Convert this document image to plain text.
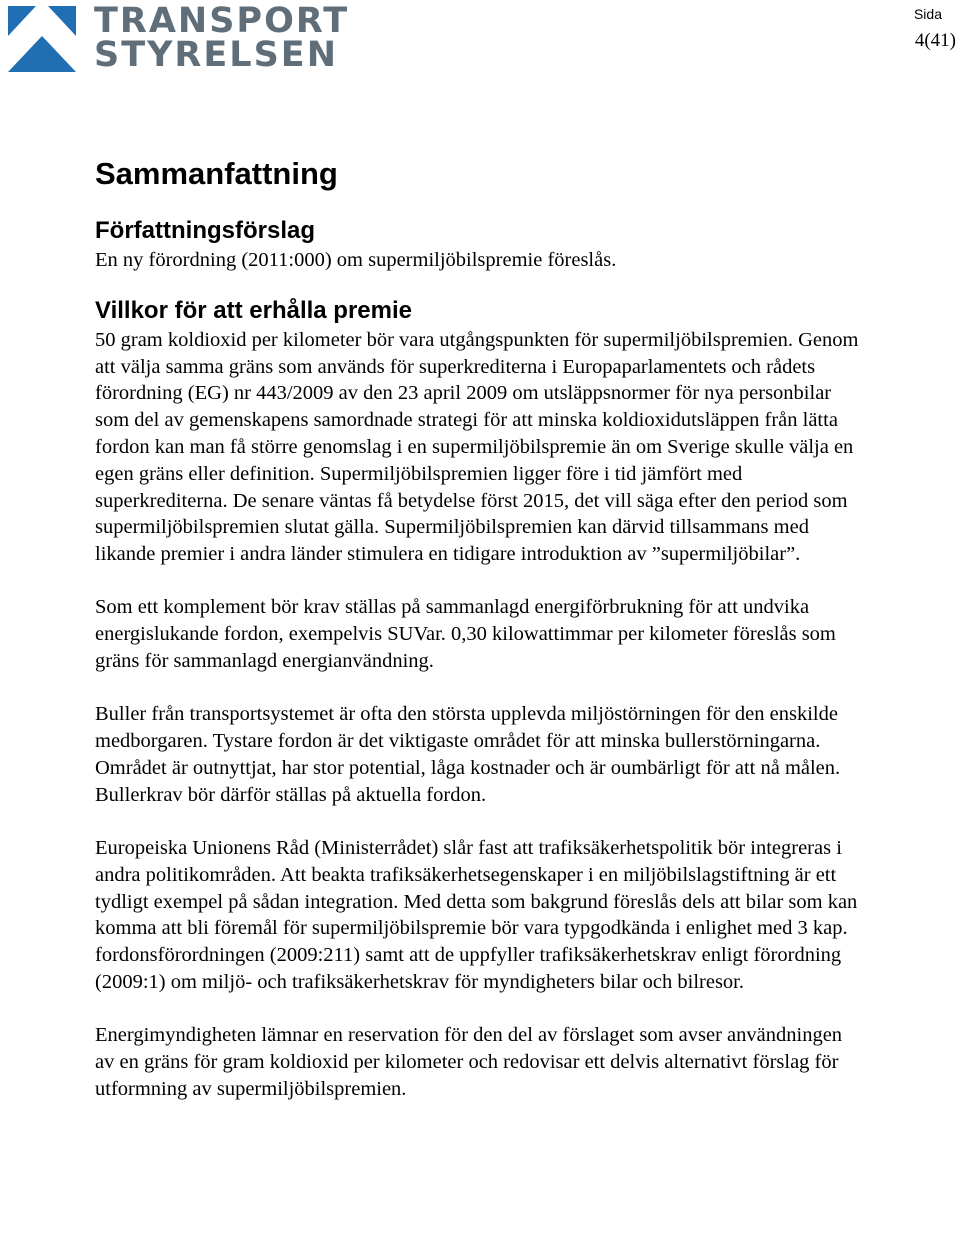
TRANSPORT
STYRELSEN
Sida
4(41)
Sammanfattning
Författningsförslag

En ny förordning (2011:000) om supermiljöbilspremie föreslås.

Villkor för att erhålla premie

50 gram koldioxid per kilometer bör vara utgångspunkten för supermiljöbilspremien. Genom att välja samma gräns som används för superkrediterna i Europaparlamentets och rådets förordning (EG) nr 443/2009 av den 23 april 2009 om utsläppsnormer för nya personbilar som del av gemenskapens samordnade strategi för att minska koldioxidutsläppen från lätta fordon kan man få större genomslag i en supermiljöbilspremie än om Sverige skulle välja en egen gräns eller definition. Supermiljöbilspremien ligger före i tid jämfört med superkrediterna. De senare väntas få betydelse först 2015, det vill säga efter den period som supermiljöbilspremien slutat gälla. Supermiljöbilspremien kan därvid tillsammans med likande premier i andra länder stimulera en tidigare introduktion av ”supermiljöbilar”.

Som ett komplement bör krav ställas på sammanlagd energiförbrukning för att undvika energislukande fordon, exempelvis SUVar. 0,30 kilowattimmar per kilometer föreslås som gräns för sammanlagd energianvändning.

Buller från transportsystemet är ofta den största upplevda miljöstörningen för den enskilde medborgaren. Tystare fordon är det viktigaste området för att minska bullerstörningarna. Området är outnyttjat, har stor potential, låga kostnader och är oumbärligt för att nå målen. Bullerkrav bör därför ställas på aktuella fordon.

Europeiska Unionens Råd (Ministerrådet) slår fast att trafiksäkerhetspolitik bör integreras i andra politikområden. Att beakta trafiksäkerhetsegenskaper i en miljöbilslagstiftning är ett tydligt exempel på sådan integration. Med detta som bakgrund föreslås dels att bilar som kan komma att bli föremål för supermiljöbilspremie bör vara typgodkända i enlighet med 3 kap. fordonsförordningen (2009:211) samt att de uppfyller trafiksäkerhetskrav enligt förordning (2009:1) om miljö- och trafiksäkerhetskrav för myndigheters bilar och bilresor.

Energimyndigheten lämnar en reservation för den del av förslaget som avser användningen av en gräns för gram koldioxid per kilometer och redovisar ett delvis alternativt förslag för utformning av supermiljöbilspremien.
